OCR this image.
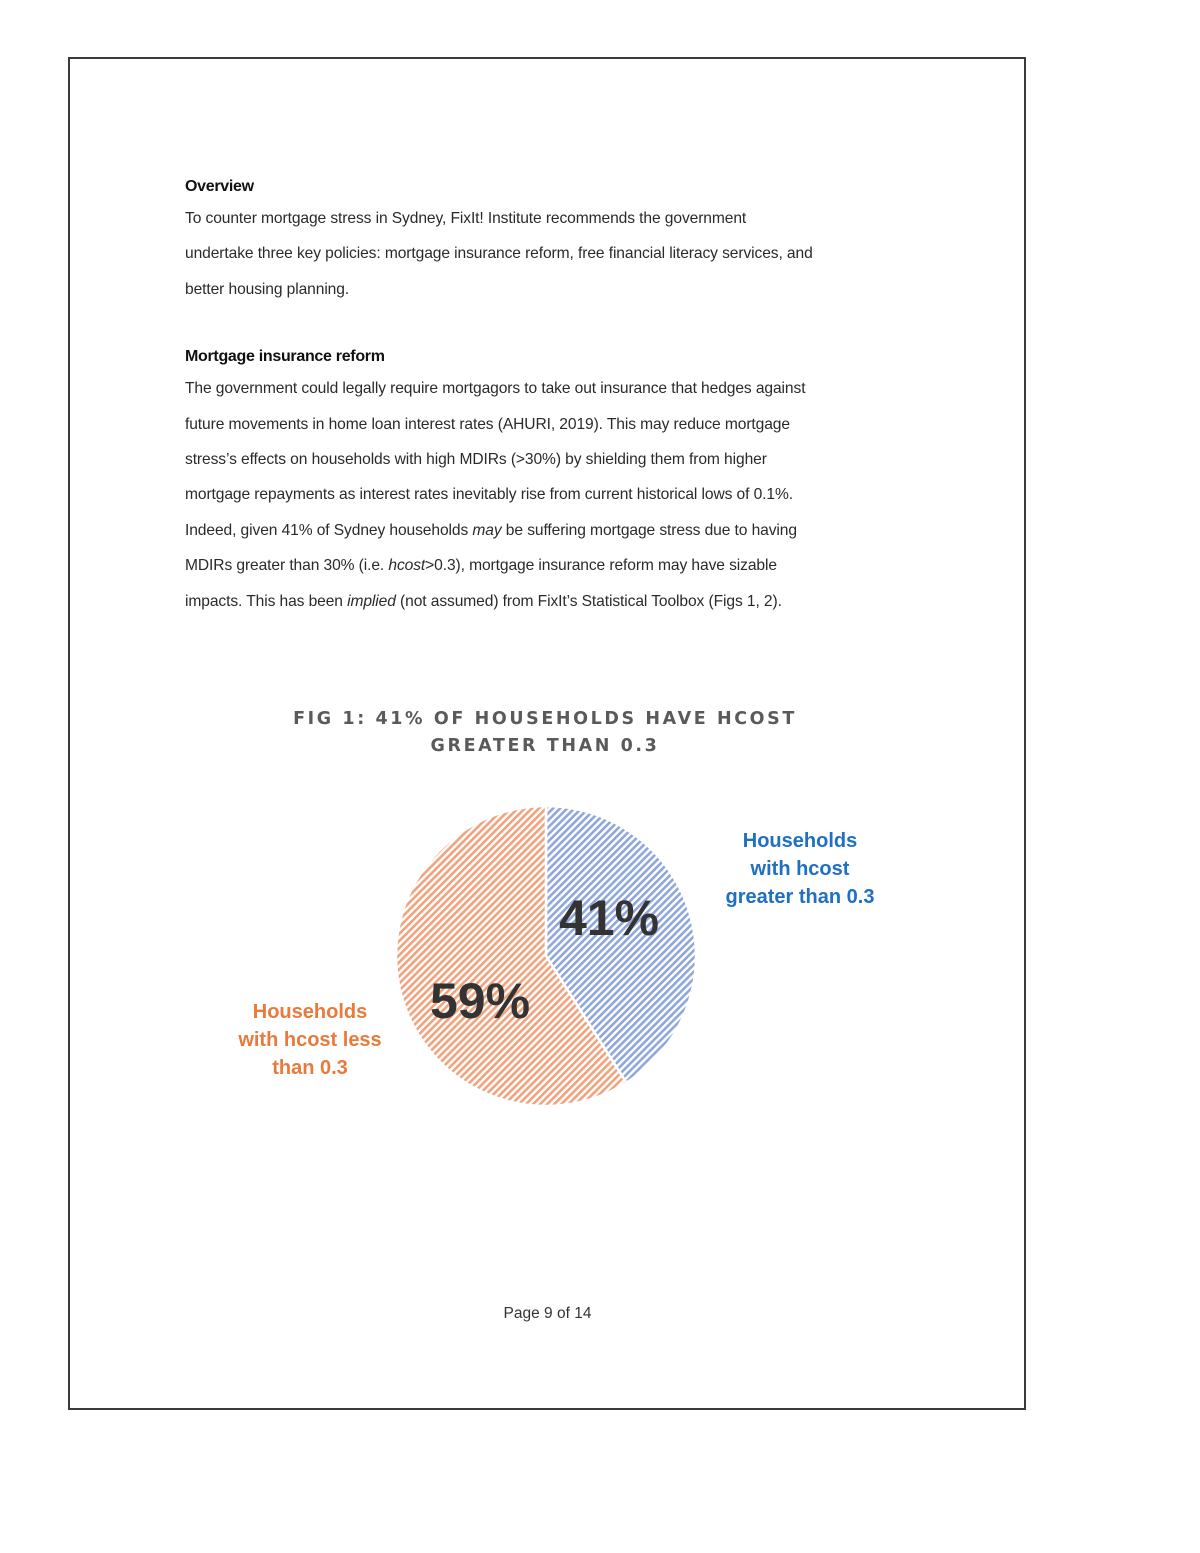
Overview

To counter mortgage stress in Sydney, FixIt! Institute recommends the government

undertake three key policies: mortgage insurance reform, free financial literacy services, and

better housing planning.

Mortgage insurance reform

The government could legally require mortgagors to take out insurance that hedges against

future movements in home loan interest rates (AHURI, 2019). This may reduce mortgage

stress’s effects on households with high MDIRs (>30%) by shielding them from higher

mortgage repayments as interest rates inevitably rise from current historical lows of 0.1%.

Indeed, given 41% of Sydney households may be suffering mortgage stress due to having

MDIRs greater than 30% (i.e. hcost>0.3), mortgage insurance reform may have sizable

impacts. This has been implied (not assumed) from FixIt’s Statistical Toolbox (Figs 1, 2).

41%
59%
FIG 1: 41% OF HOUSEHOLDS HAVE HCOST
GREATER THAN 0.3
Households
with hcost
greater than 0.3
Households
with hcost less
than 0.3
Page 9 of 14
